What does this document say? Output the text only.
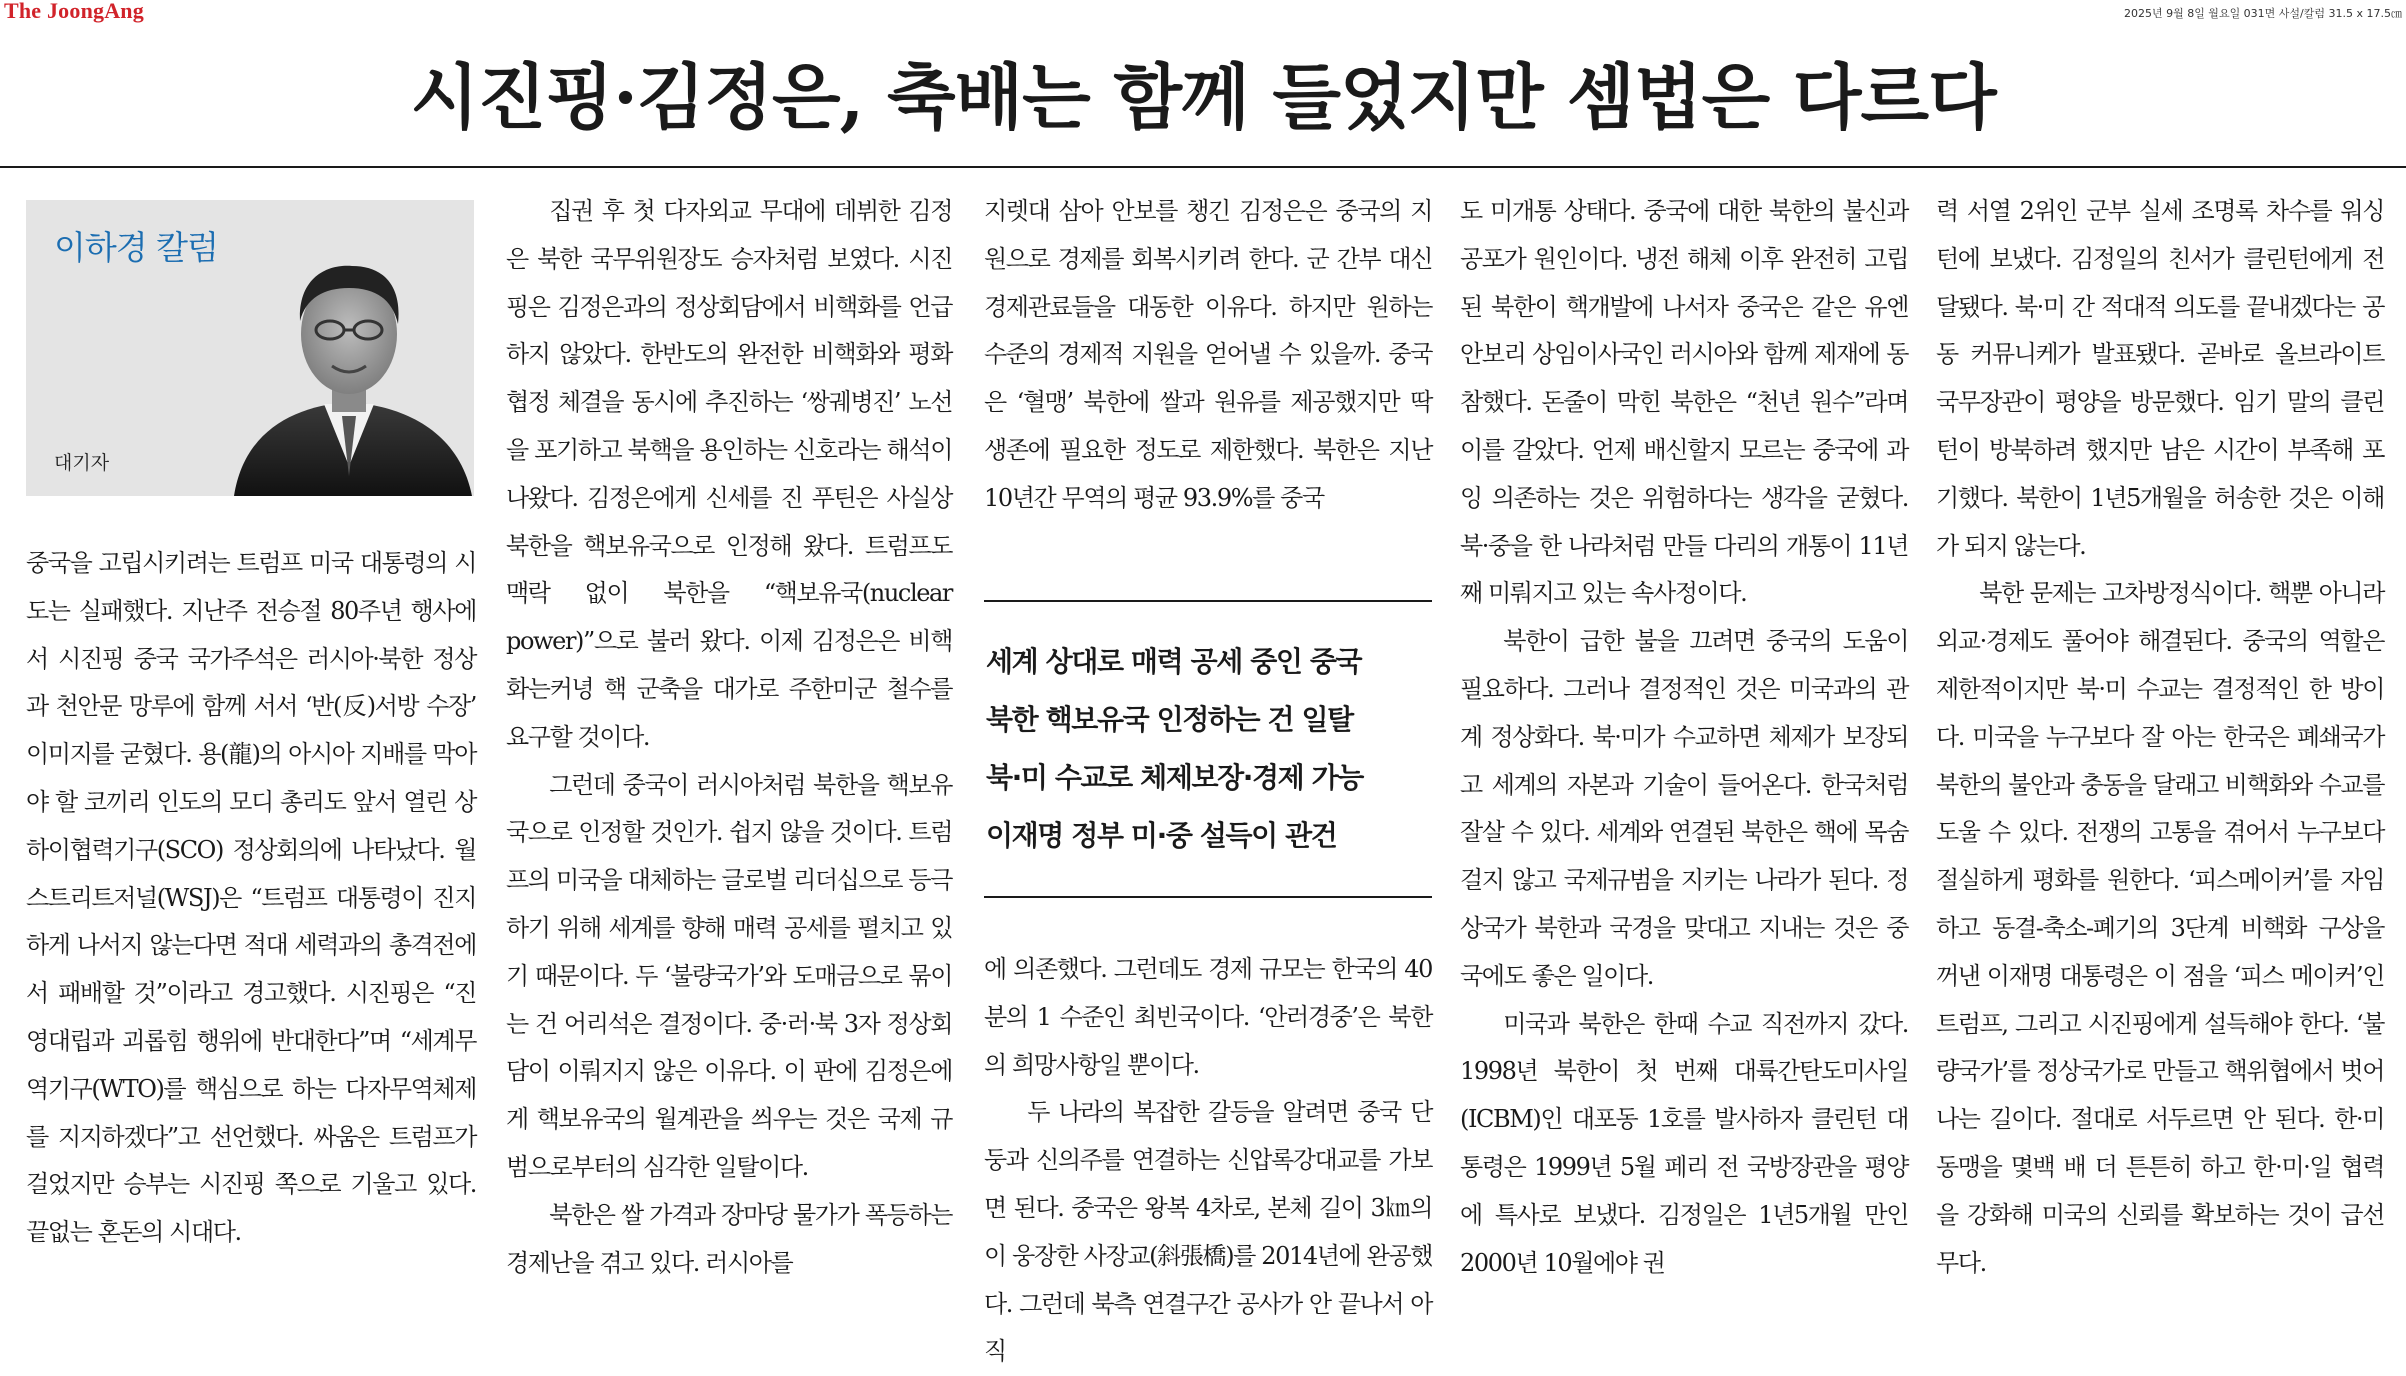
The JoongAng	2025년 9월 8일 월요일 031면 사설/칼럼 31.5 x 17.5㎝
시진핑·김정은, 축배는 함께 들었지만 셈법은 다르다
이하경 칼럼
대기자

중국을 고립시키려는 트럼프 미국 대통령의 시도는 실패했다. 지난주 전승절 80주년 행사에서 시진핑 중국 국가주석은 러시아·북한 정상과 천안문 망루에 함께 서서 ‘반(反)서방 수장’ 이미지를 굳혔다. 용(龍)의 아시아 지배를 막아야 할 코끼리 인도의 모디 총리도 앞서 열린 상하이협력기구(SCO) 정상회의에 나타났다. 월스트리트저널(WSJ)은 “트럼프 대통령이 진지하게 나서지 않는다면 적대 세력과의 총격전에서 패배할 것”이라고 경고했다. 시진핑은 “진영대립과 괴롭힘 행위에 반대한다”며 “세계무역기구(WTO)를 핵심으로 하는 다자무역체제를 지지하겠다”고 선언했다. 싸움은 트럼프가 걸었지만 승부는 시진핑 쪽으로 기울고 있다. 끝없는 혼돈의 시대다.

집권 후 첫 다자외교 무대에 데뷔한 김정은 북한 국무위원장도 승자처럼 보였다. 시진핑은 김정은과의 정상회담에서 비핵화를 언급하지 않았다. 한반도의 완전한 비핵화와 평화협정 체결을 동시에 추진하는 ‘쌍궤병진’ 노선을 포기하고 북핵을 용인하는 신호라는 해석이 나왔다. 김정은에게 신세를 진 푸틴은 사실상 북한을 핵보유국으로 인정해 왔다. 트럼프도 맥락 없이 북한을 “핵보유국(nuclear power)”으로 불러 왔다. 이제 김정은은 비핵화는커녕 핵 군축을 대가로 주한미군 철수를 요구할 것이다.

그런데 중국이 러시아처럼 북한을 핵보유국으로 인정할 것인가. 쉽지 않을 것이다. 트럼프의 미국을 대체하는 글로벌 리더십으로 등극하기 위해 세계를 향해 매력 공세를 펼치고 있기 때문이다. 두 ‘불량국가’와 도매금으로 묶이는 건 어리석은 결정이다. 중·러·북 3자 정상회담이 이뤄지지 않은 이유다. 이 판에 김정은에게 핵보유국의 월계관을 씌우는 것은 국제 규범으로부터의 심각한 일탈이다.

북한은 쌀 가격과 장마당 물가가 폭등하는 경제난을 겪고 있다. 러시아를

지렛대 삼아 안보를 챙긴 김정은은 중국의 지원으로 경제를 회복시키려 한다. 군 간부 대신 경제관료들을 대동한 이유다. 하지만 원하는 수준의 경제적 지원을 얻어낼 수 있을까. 중국은 ‘혈맹’ 북한에 쌀과 원유를 제공했지만 딱 생존에 필요한 정도로 제한했다. 북한은 지난 10년간 무역의 평균 93.9%를 중국

세계 상대로 매력 공세 중인 중국
북한 핵보유국 인정하는 건 일탈
북·미 수교로 체제보장·경제 가능
이재명 정부 미·중 설득이 관건

에 의존했다. 그런데도 경제 규모는 한국의 40분의 1 수준인 최빈국이다. ‘안러경중’은 북한의 희망사항일 뿐이다.

두 나라의 복잡한 갈등을 알려면 중국 단둥과 신의주를 연결하는 신압록강대교를 가보면 된다. 중국은 왕복 4차로, 본체 길이 3㎞의 이 웅장한 사장교(斜張橋)를 2014년에 완공했다. 그런데 북측 연결구간 공사가 안 끝나서 아직

도 미개통 상태다. 중국에 대한 북한의 불신과 공포가 원인이다. 냉전 해체 이후 완전히 고립된 북한이 핵개발에 나서자 중국은 같은 유엔 안보리 상임이사국인 러시아와 함께 제재에 동참했다. 돈줄이 막힌 북한은 “천년 원수”라며 이를 갈았다. 언제 배신할지 모르는 중국에 과잉 의존하는 것은 위험하다는 생각을 굳혔다. 북·중을 한 나라처럼 만들 다리의 개통이 11년째 미뤄지고 있는 속사정이다.

북한이 급한 불을 끄려면 중국의 도움이 필요하다. 그러나 결정적인 것은 미국과의 관계 정상화다. 북·미가 수교하면 체제가 보장되고 세계의 자본과 기술이 들어온다. 한국처럼 잘살 수 있다. 세계와 연결된 북한은 핵에 목숨 걸지 않고 국제규범을 지키는 나라가 된다. 정상국가 북한과 국경을 맞대고 지내는 것은 중국에도 좋은 일이다.

미국과 북한은 한때 수교 직전까지 갔다. 1998년 북한이 첫 번째 대륙간탄도미사일(ICBM)인 대포동 1호를 발사하자 클린턴 대통령은 1999년 5월 페리 전 국방장관을 평양에 특사로 보냈다. 김정일은 1년5개월 만인 2000년 10월에야 권

력 서열 2위인 군부 실세 조명록 차수를 워싱턴에 보냈다. 김정일의 친서가 클린턴에게 전달됐다. 북·미 간 적대적 의도를 끝내겠다는 공동 커뮤니케가 발표됐다. 곧바로 올브라이트 국무장관이 평양을 방문했다. 임기 말의 클린턴이 방북하려 했지만 남은 시간이 부족해 포기했다. 북한이 1년5개월을 허송한 것은 이해가 되지 않는다.

북한 문제는 고차방정식이다. 핵뿐 아니라 외교·경제도 풀어야 해결된다. 중국의 역할은 제한적이지만 북·미 수교는 결정적인 한 방이다. 미국을 누구보다 잘 아는 한국은 폐쇄국가 북한의 불안과 충동을 달래고 비핵화와 수교를 도울 수 있다. 전쟁의 고통을 겪어서 누구보다 절실하게 평화를 원한다. ‘피스메이커’를 자임하고 동결-축소-폐기의 3단계 비핵화 구상을 꺼낸 이재명 대통령은 이 점을 ‘피스 메이커’인 트럼프, 그리고 시진핑에게 설득해야 한다. ‘불량국가’를 정상국가로 만들고 핵위협에서 벗어나는 길이다. 절대로 서두르면 안 된다. 한·미 동맹을 몇백 배 더 튼튼히 하고 한·미·일 협력을 강화해 미국의 신뢰를 확보하는 것이 급선무다.
